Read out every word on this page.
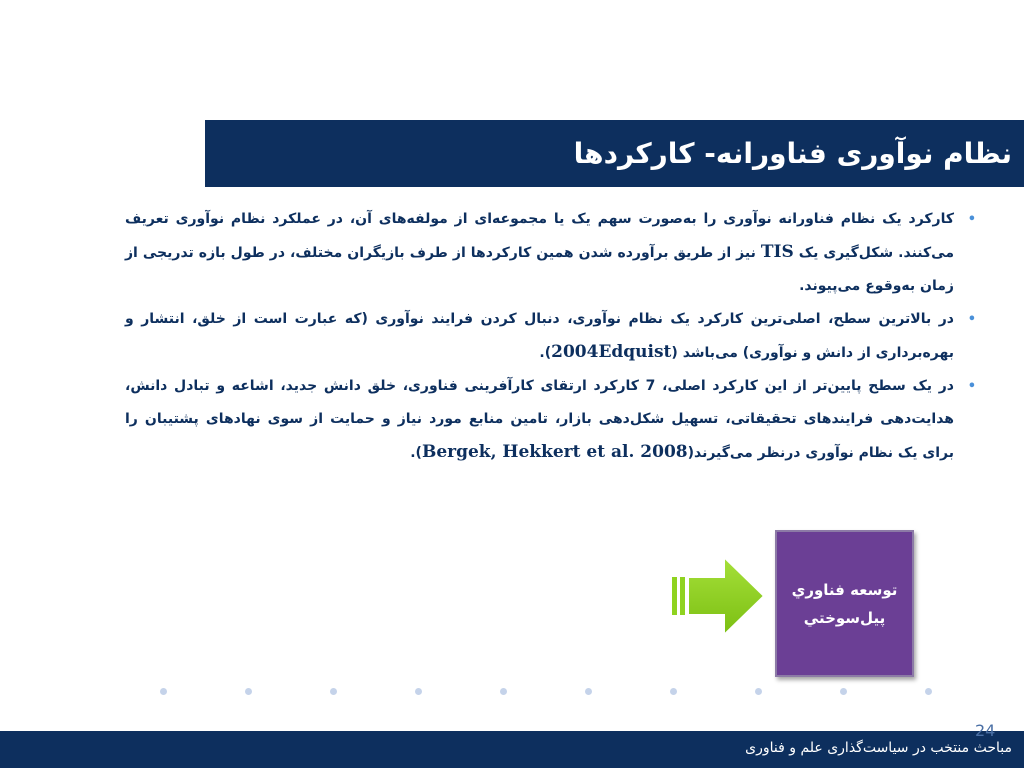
نظام نوآوری فناورانه- کارکردها

•
کارکرد یک نظام فناورانه نوآوری را به‌صورت سهم یک یا مجموعه‌ای از مولفه‌های آن، در عملکرد نظام نوآوری تعریف می‌کنند. شکل‌گیری یک TIS نیز از طریق برآورده شدن همین کارکردها از طرف بازیگران مختلف، در طول بازه تدریجی از زمان به‌وقوع می‌پیوند.

•
در بالاترین سطح، اصلی‌ترین کارکرد یک نظام نوآوری، دنبال کردن فرایند نوآوری (که عبارت است از خلق، انتشار و بهره‌برداری از دانش و نوآوری) می‌باشد (2004Edquist).

•
در یک سطح پایین‌تر از این کارکرد اصلی، 7 کارکرد ارتقای کارآفرینی فناوری، خلق دانش جدید، اشاعه و تبادل دانش، هدایت‌دهی فرایندهای تحقیقاتی، تسهیل شکل‌دهی بازار، تامین منابع مورد نیاز و حمایت از سوی نهادهای پشتیبان را برای یک نظام نوآوری درنظر می‌گیرند(Bergek, Hekkert et al. 2008).

توسعه فناوري
پيل‌سوختي
مباحث منتخب در سیاست‌گذاری علم و فناوری
24
